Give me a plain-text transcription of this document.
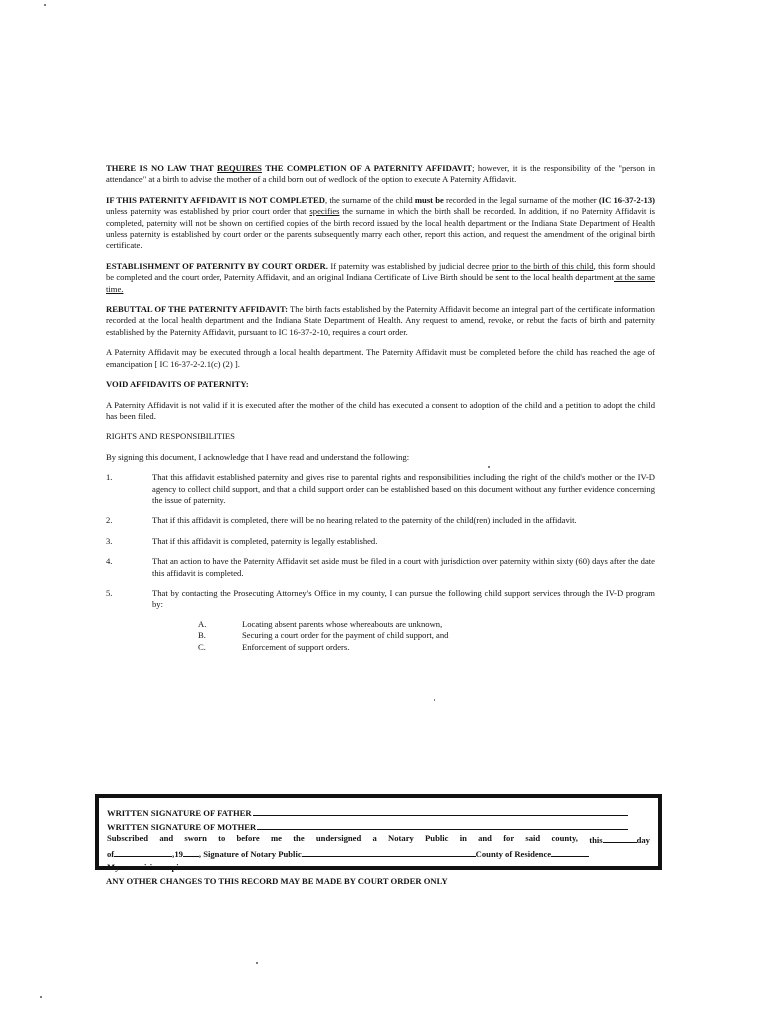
THERE IS NO LAW THAT REQUIRES THE COMPLETION OF A PATERNITY AFFIDAVIT; however, it is the responsibility of the "person in attendance" at a birth to advise the mother of a child born out of wedlock of the option to execute A Paternity Affidavit.

IF THIS PATERNITY AFFIDAVIT IS NOT COMPLETED, the surname of the child must be recorded in the legal surname of the mother (IC 16-37-2-13) unless paternity was established by prior court order that specifies the surname in which the birth shall be recorded. In addition, if no Paternity Affidavit is completed, paternity will not be shown on certified copies of the birth record issued by the local health department or the Indiana State Department of Health unless paternity is established by court order or the parents subsequently marry each other, report this action, and request the amendment of the original birth certificate.

ESTABLISHMENT OF PATERNITY BY COURT ORDER. If paternity was established by judicial decree prior to the birth of this child, this form should be completed and the court order, Paternity Affidavit, and an original Indiana Certificate of Live Birth should be sent to the local health department at the same time.

REBUTTAL OF THE PATERNITY AFFIDAVIT: The birth facts established by the Paternity Affidavit become an integral part of the certificate information recorded at the local health department and the Indiana State Department of Health. Any request to amend, revoke, or rebut the facts of birth and paternity established by the Paternity Affidavit, pursuant to IC 16-37-2-10, requires a court order.

A Paternity Affidavit may be executed through a local health department. The Paternity Affidavit must be completed before the child has reached the age of emancipation [ IC 16-37-2-2.1(c) (2) ].

VOID AFFIDAVITS OF PATERNITY:

A Paternity Affidavit is not valid if it is executed after the mother of the child has executed a consent to adoption of the child and a petition to adopt the child has been filed.

RIGHTS AND RESPONSIBILITIES

By signing this document, I acknowledge that I have read and understand the following:

1.	That this affidavit established paternity and gives rise to parental rights and responsibilities including the right of the child's mother or the IV-D agency to collect child support, and that a child support order can be established based on this document without any further evidence concerning the issue of paternity.
2.	That if this affidavit is completed, there will be no hearing related to the paternity of the child(ren) included in the affidavit.
3.	That if this affidavit is completed, paternity is legally established.
4.	That an action to have the Paternity Affidavit set aside must be filed in a court with jurisdiction over paternity within sixty (60) days after the date this affidavit is completed.
5.	That by contacting the Prosecuting Attorney's Office in my county, I can pursue the following child support services through the IV-D program by:

A.	Locating absent parents whose whereabouts are unknown,

B.	Securing a court order for the payment of child support, and

C.	Enforcement of support orders.

WRITTEN SIGNATURE OF FATHER
WRITTEN SIGNATURE OF MOTHER
Subscribed and sworn to before me the undersigned a Notary Public in and for said county, this	day
of	,19 , Signature of Notary Public	County of Residence
My commision expires
ANY OTHER CHANGES TO THIS RECORD MAY BE MADE BY COURT ORDER ONLY
